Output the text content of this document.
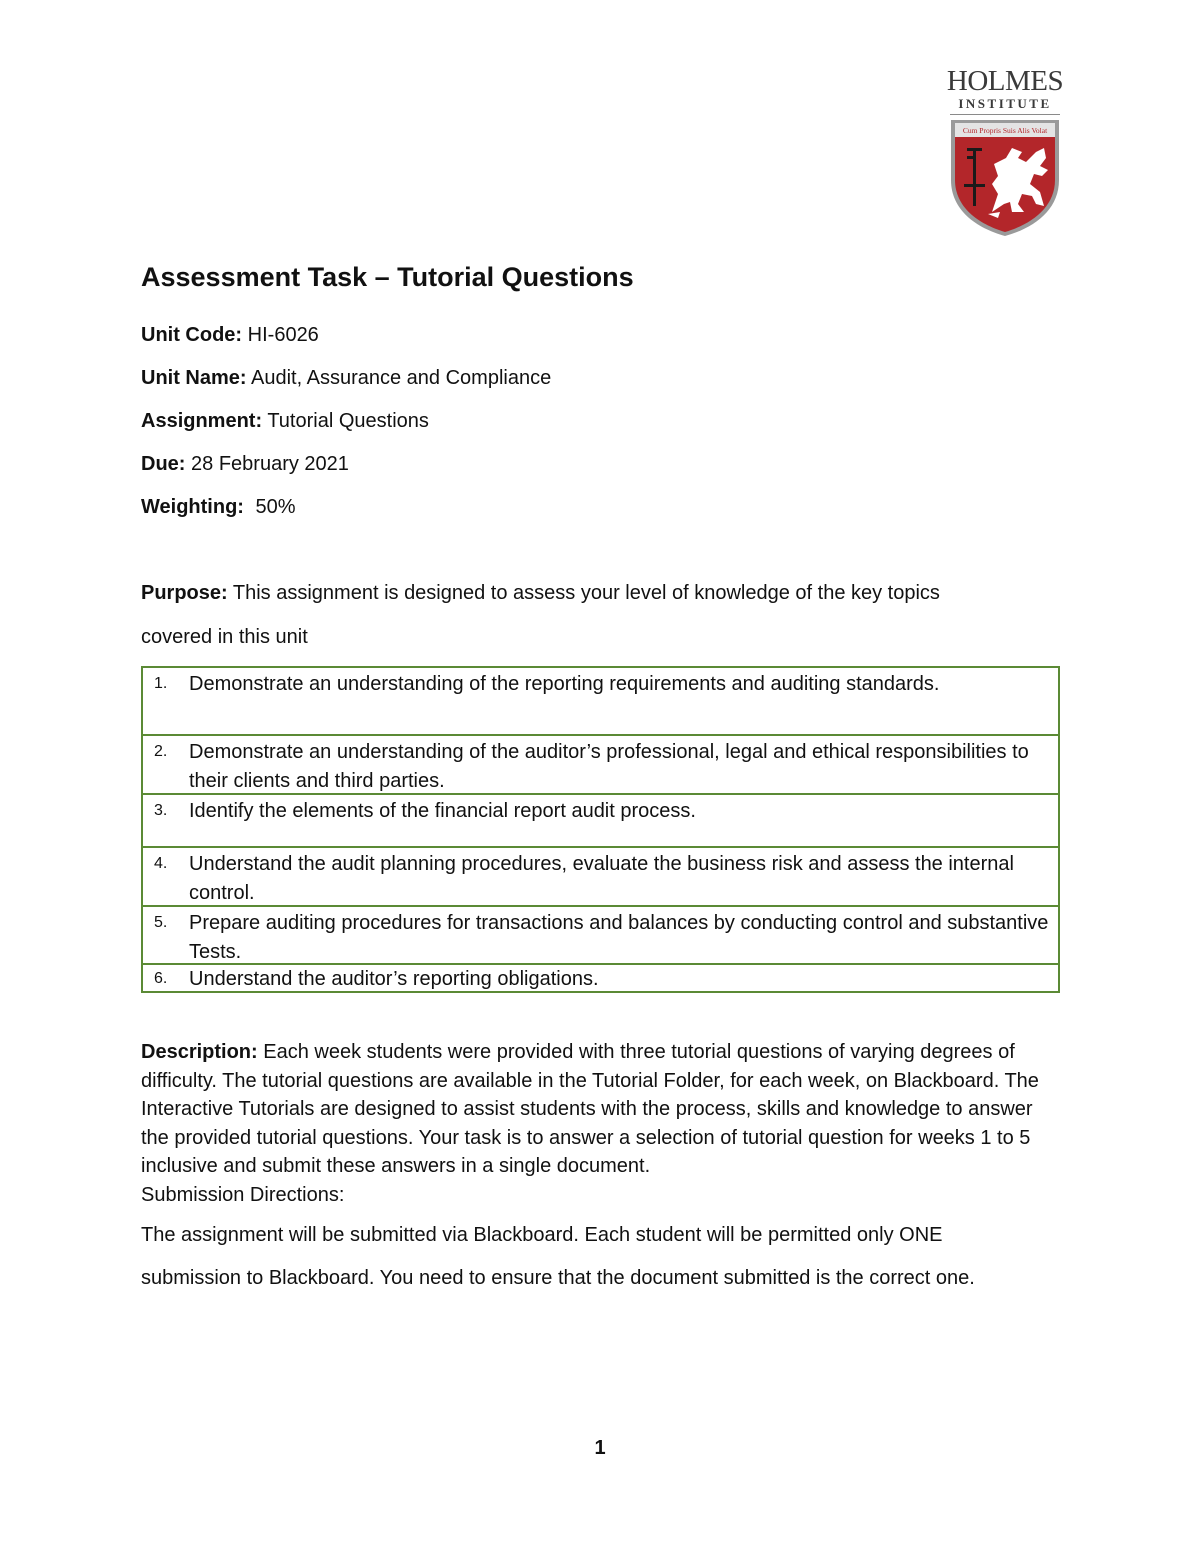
HOLMES
INSTITUTE
Cum Propris Suis Alis Volat
Assessment Task – Tutorial Questions
Unit Code: HI-6026
Unit Name: Audit, Assurance and Compliance
Assignment: Tutorial Questions
Due: 28 February 2021
Weighting: 50%
Purpose: This assignment is designed to assess your level of knowledge of the key topics
covered in this unit
1. Demonstrate an understanding of the reporting requirements and auditing standards.
2. Demonstrate an understanding of the auditor’s professional, legal and ethical responsibilities to their clients and third parties.
3. Identify the elements of the financial report audit process.
4. Understand the audit planning procedures, evaluate the business risk and assess the internal control.
5. Prepare auditing procedures for transactions and balances by conducting control and substantive Tests.
6. Understand the auditor’s reporting obligations.
Description: Each week students were provided with three tutorial questions of varying degrees of difficulty. The tutorial questions are available in the Tutorial Folder, for each week, on Blackboard. The Interactive Tutorials are designed to assist students with the process, skills and knowledge to answer the provided tutorial questions. Your task is to answer a selection of tutorial question for weeks 1 to 5 inclusive and submit these answers in a single document.
Submission Directions:
The assignment will be submitted via Blackboard. Each student will be permitted only ONE
submission to Blackboard. You need to ensure that the document submitted is the correct one.
1
